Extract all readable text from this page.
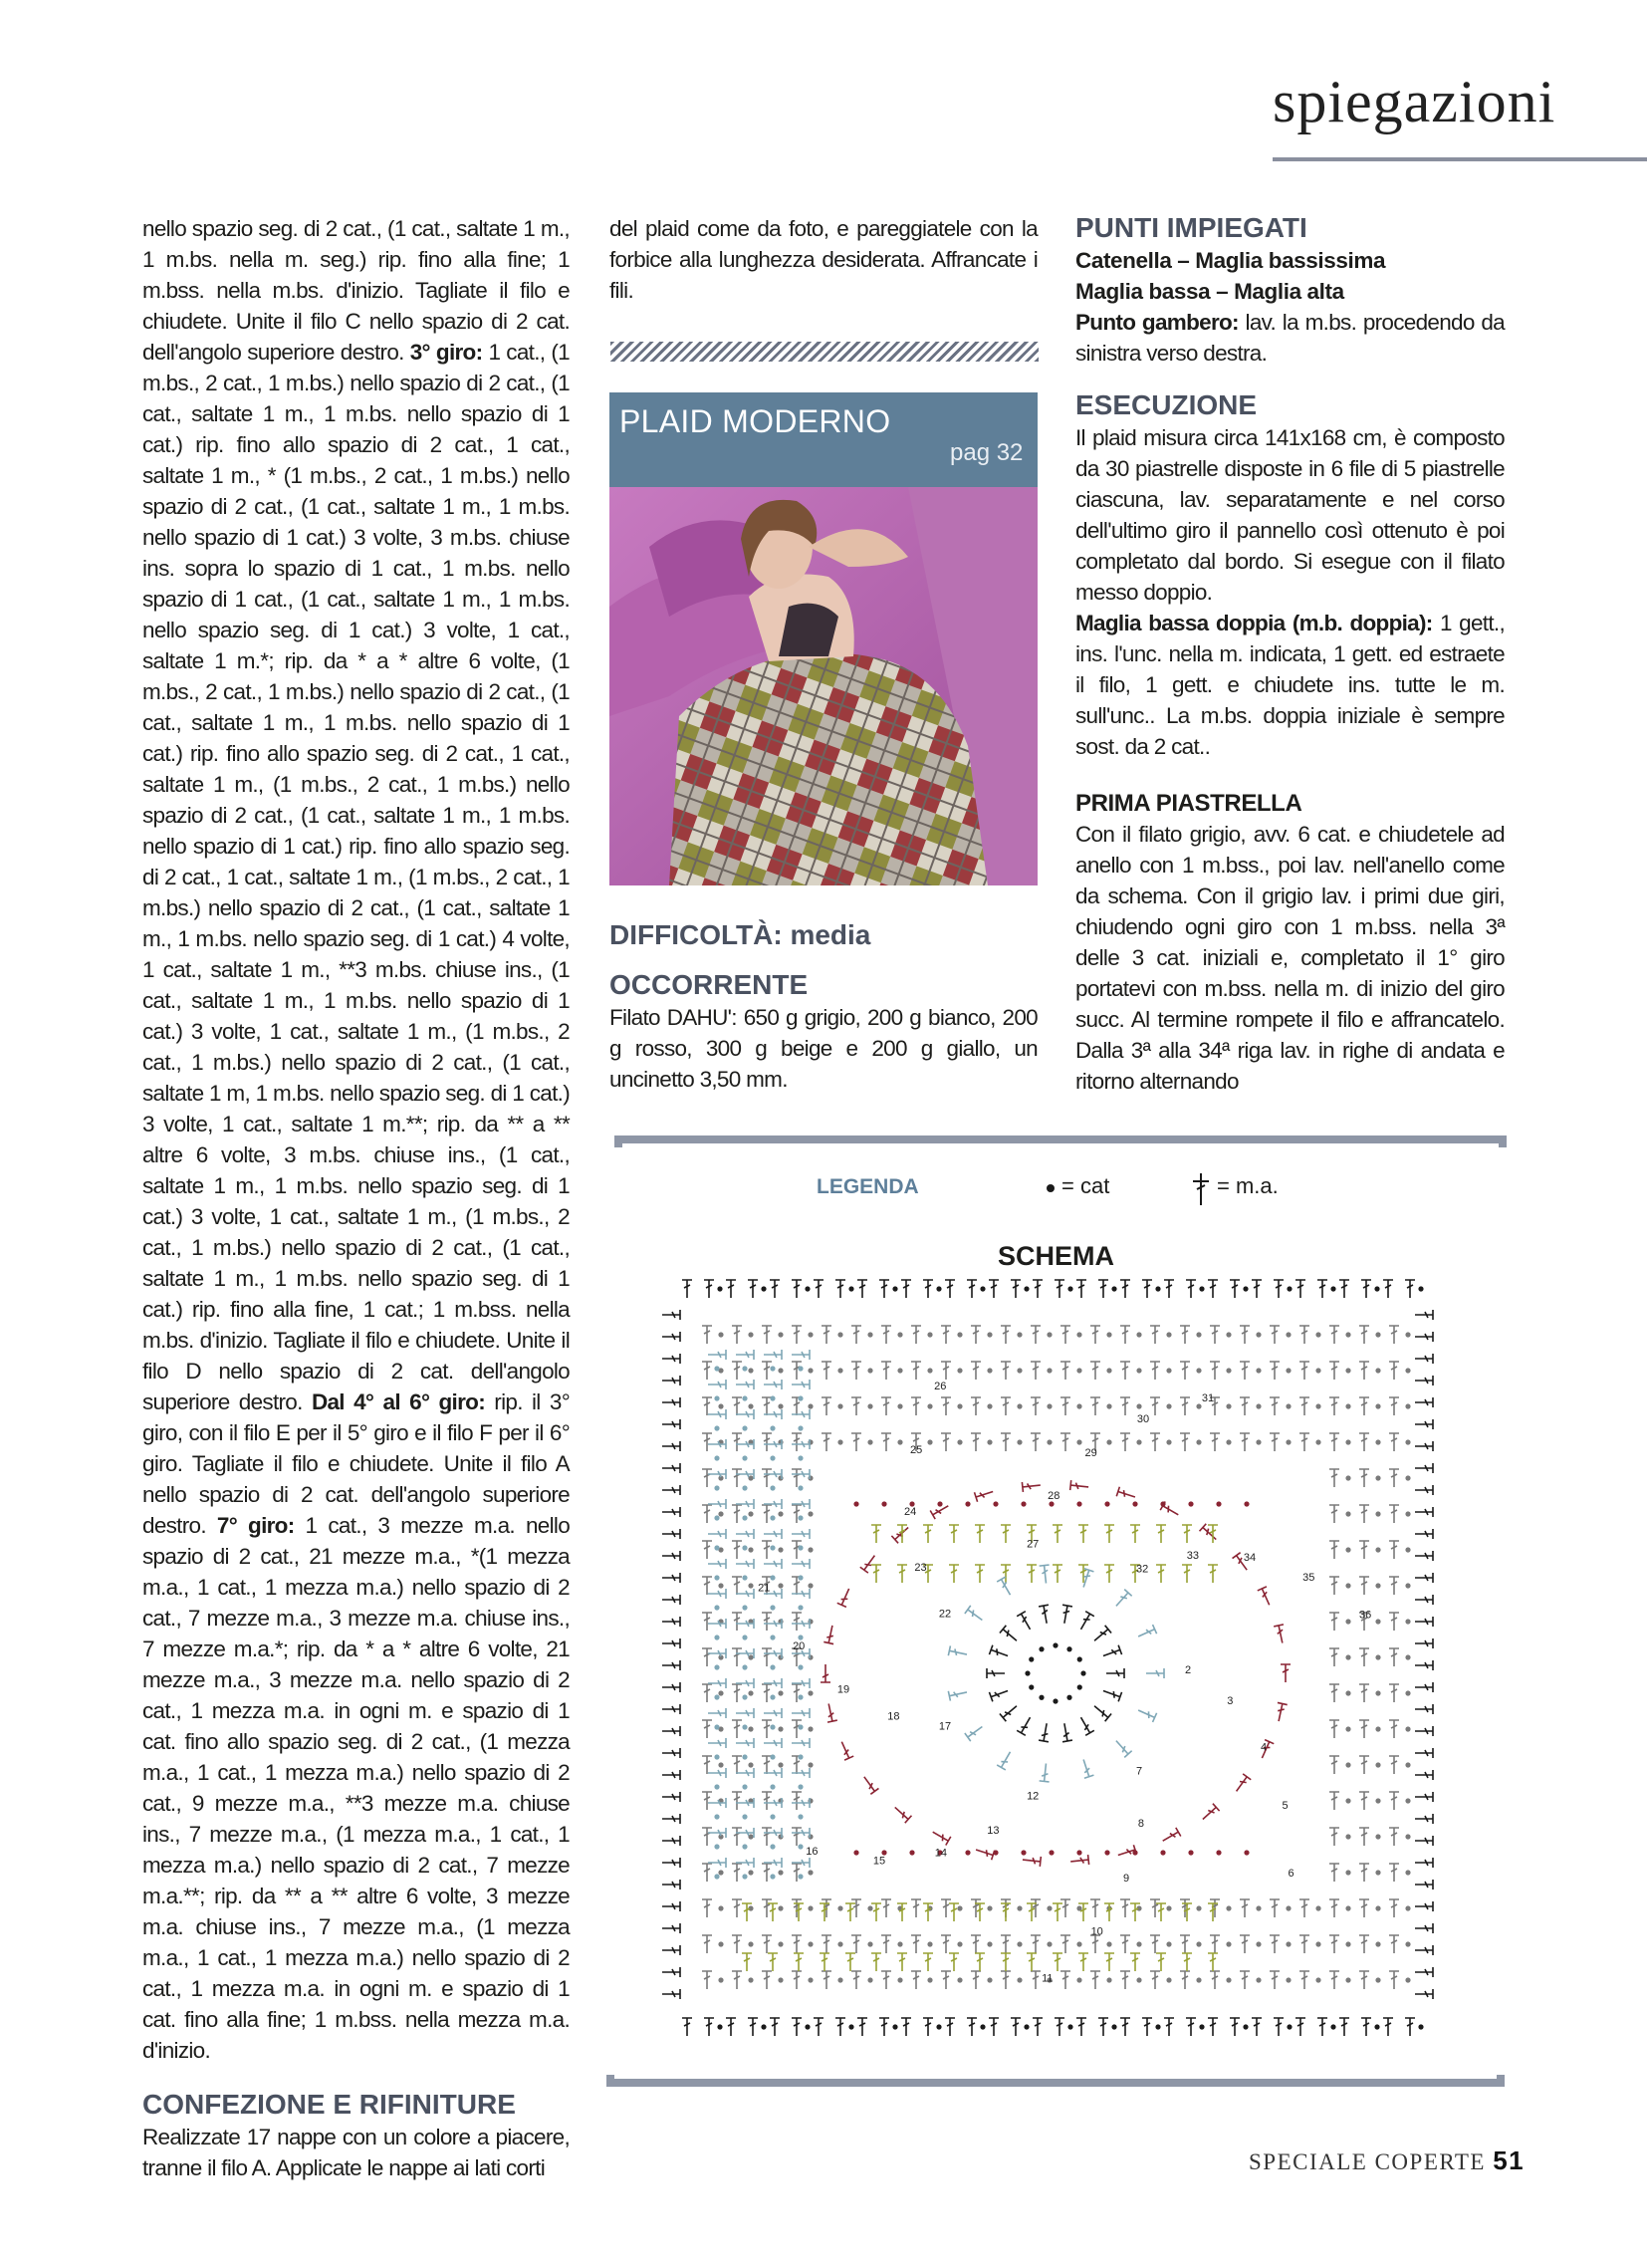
spiegazioni

nello spazio seg. di 2 cat., (1 cat., saltate 1 m., 1 m.bs. nella m. seg.) rip. fino alla fine; 1 m.bss. nella m.bs. d'inizio. Tagliate il filo e chiudete. Unite il filo C nello spazio di 2 cat. dell'angolo superiore destro. 3° giro: 1 cat., (1 m.bs., 2 cat., 1 m.bs.) nello spazio di 2 cat., (1 cat., saltate 1 m., 1 m.bs. nello spazio di 1 cat.) rip. fino allo spazio di 2 cat., 1 cat., saltate 1 m., * (1 m.bs., 2 cat., 1 m.bs.) nello spazio di 2 cat., (1 cat., saltate 1 m., 1 m.bs. nello spazio di 1 cat.) 3 volte, 3 m.bs. chiuse ins. sopra lo spazio di 1 cat., 1 m.bs. nello spazio di 1 cat., (1 cat., saltate 1 m., 1 m.bs. nello spazio seg. di 1 cat.) 3 volte, 1 cat., saltate 1 m.*; rip. da * a * altre 6 volte, (1 m.bs., 2 cat., 1 m.bs.) nello spazio di 2 cat., (1 cat., saltate 1 m., 1 m.bs. nello spazio di 1 cat.) rip. fino allo spazio seg. di 2 cat., 1 cat., saltate 1 m., (1 m.bs., 2 cat., 1 m.bs.) nello spazio di 2 cat., (1 cat., saltate 1 m., 1 m.bs. nello spazio di 1 cat.) rip. fino allo spazio seg. di 2 cat., 1 cat., saltate 1 m., (1 m.bs., 2 cat., 1 m.bs.) nello spazio di 2 cat., (1 cat., saltate 1 m., 1 m.bs. nello spazio seg. di 1 cat.) 4 volte, 1 cat., saltate 1 m., **3 m.bs. chiuse ins., (1 cat., saltate 1 m., 1 m.bs. nello spazio di 1 cat.) 3 volte, 1 cat., saltate 1 m., (1 m.bs., 2 cat., 1 m.bs.) nello spazio di 2 cat., (1 cat., saltate 1 m, 1 m.bs. nello spazio seg. di 1 cat.) 3 volte, 1 cat., saltate 1 m.**; rip. da ** a ** altre 6 volte, 3 m.bs. chiuse ins., (1 cat., saltate 1 m., 1 m.bs. nello spazio seg. di 1 cat.) 3 volte, 1 cat., saltate 1 m., (1 m.bs., 2 cat., 1 m.bs.) nello spazio di 2 cat., (1 cat., saltate 1 m., 1 m.bs. nello spazio seg. di 1 cat.) rip. fino alla fine, 1 cat.; 1 m.bss. nella m.bs. d'inizio. Tagliate il filo e chiudete. Unite il filo D nello spazio di 2 cat. dell'angolo superiore destro. Dal 4° al 6° giro: rip. il 3° giro, con il filo E per il 5° giro e il filo F per il 6° giro. Tagliate il filo e chiudete. Unite il filo A nello spazio di 2 cat. dell'angolo superiore destro. 7° giro: 1 cat., 3 mezze m.a. nello spazio di 2 cat., 21 mezze m.a., *(1 mezza m.a., 1 cat., 1 mezza m.a.) nello spazio di 2 cat., 7 mezze m.a., 3 mezze m.a. chiuse ins., 7 mezze m.a.*; rip. da * a * altre 6 volte, 21 mezze m.a., 3 mezze m.a. nello spazio di 2 cat., 1 mezza m.a. in ogni m. e spazio di 1 cat. fino allo spazio seg. di 2 cat., (1 mezza m.a., 1 cat., 1 mezza m.a.) nello spazio di 2 cat., 9 mezze m.a., **3 mezze m.a. chiuse ins., 7 mezze m.a., (1 mezza m.a., 1 cat., 1 mezza m.a.) nello spazio di 2 cat., 7 mezze m.a.**; rip. da ** a ** altre 6 volte, 3 mezze m.a. chiuse ins., 7 mezze m.a., (1 mezza m.a., 1 cat., 1 mezza m.a.) nello spazio di 2 cat., 1 mezza m.a. in ogni m. e spazio di 1 cat. fino alla fine; 1 m.bss. nella mezza m.a. d'inizio.

CONFEZIONE E RIFINITURE

Realizzate 17 nappe con un colore a piacere, tranne il filo A. Applicate le nappe ai lati corti

del plaid come da foto, e pareggiatele con la forbice alla lunghezza desiderata. Affrancate i fili.

PLAID MODERNO
pag 32

DIFFICOLTÀ: media

OCCORRENTE

Filato DAHU': 650 g grigio, 200 g bianco, 200 g rosso, 300 g beige e 200 g giallo, un uncinetto 3,50 mm.

PUNTI IMPIEGATI

Catenella – Maglia bassissima

Maglia bassa – Maglia alta

Punto gambero: lav. la m.bs. procedendo da sinistra verso destra.

ESECUZIONE

Il plaid misura circa 141x168 cm, è composto da 30 piastrelle disposte in 6 file di 5 piastrelle ciascuna, lav. separatamente e nel corso dell'ultimo giro il pannello così ottenuto è poi completato dal bordo. Si esegue con il filato messo doppio.

Maglia bassa doppia (m.b. doppia): 1 gett., ins. l'unc. nella m. indicata, 1 gett. ed estraete il filo, 1 gett. e chiudete ins. tutte le m. sull'unc.. La m.bs. doppia iniziale è sempre sost. da 2 cat..

PRIMA PIASTRELLA

Con il filato grigio, avv. 6 cat. e chiudetele ad anello con 1 m.bss., poi lav. nell'anello come da schema. Con il grigio lav. i primi due giri, chiudendo ogni giro con 1 m.bss. nella 3ª delle 3 cat. iniziali e, completato il 1° giro portatevi con m.bss. nella m. di inizio del giro succ. Al termine rompete il filo e affrancatelo. Dalla 3ª alla 34ª riga lav. in righe di andata e ritorno alternando

LEGENDA	= cat	= m.a.
SCHEMA
2
3
4
5
6
7
8
9
10
11
12
13
14
15
16
17
18
19
20
21
22
23
24
25
26
27
28
29
30
31
32
33	34
35
36
SPECIALE COPERTE 51
